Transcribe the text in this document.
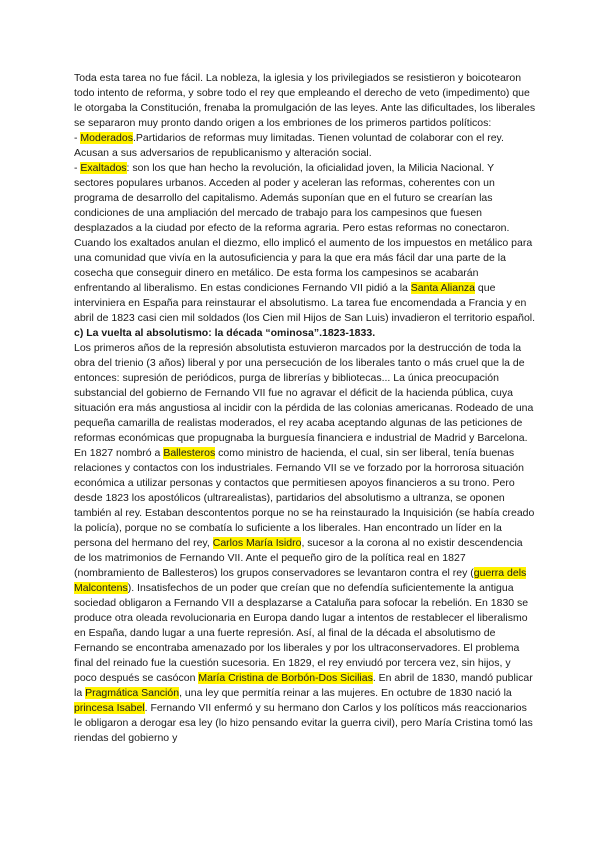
Toda esta tarea no fue fácil. La nobleza, la iglesia y los privilegiados se resistieron y boicotearon todo intento de reforma, y sobre todo el rey que empleando el derecho de veto (impedimento) que le otorgaba la Constitución, frenaba la promulgación de las leyes. Ante las dificultades, los liberales se separaron muy pronto dando origen a los embriones de los primeros partidos políticos:

- Moderados.Partidarios de reformas muy limitadas. Tienen voluntad de colaborar con el rey. Acusan a sus adversarios de republicanismo y alteración social.

- Exaltados: son los que han hecho la revolución, la oficialidad joven, la Milicia Nacional. Y sectores populares urbanos. Acceden al poder y aceleran las reformas, coherentes con un programa de desarrollo del capitalismo. Además suponían que en el futuro se crearían las condiciones de una ampliación del mercado de trabajo para los campesinos que fuesen desplazados a la ciudad por efecto de la reforma agraria. Pero estas reformas no conectaron. Cuando los exaltados anulan el diezmo, ello implicó el aumento de los impuestos en metálico para una comunidad que vivía en la autosuficiencia y para la que era más fácil dar una parte de la cosecha que conseguir dinero en metálico. De esta forma los campesinos se acabarán enfrentando al liberalismo. En estas condiciones Fernando VII pidió a la Santa Alianza que interviniera en España para reinstaurar el absolutismo. La tarea fue encomendada a Francia y en abril de 1823 casi cien mil soldados (los Cien mil Hijos de San Luis) invadieron el territorio español.

c) La vuelta al absolutismo: la década “ominosa”.1823-1833.

Los primeros años de la represión absolutista estuvieron marcados por la destrucción de toda la obra del trienio (3 años) liberal y por una persecución de los liberales tanto o más cruel que la de entonces: supresión de periódicos, purga de librerías y bibliotecas... La única preocupación substancial del gobierno de Fernando VII fue no agravar el déficit de la hacienda pública, cuya situación era más angustiosa al incidir con la pérdida de las colonias americanas. Rodeado de una pequeña camarilla de realistas moderados, el rey acaba aceptando algunas de las peticiones de reformas económicas que propugnaba la burguesía financiera e industrial de Madrid y Barcelona. En 1827 nombró a Ballesteros como ministro de hacienda, el cual, sin ser liberal, tenía buenas relaciones y contactos con los industriales. Fernando VII se ve forzado por la horrorosa situación económica a utilizar personas y contactos que permitiesen apoyos financieros a su trono. Pero desde 1823 los apostólicos (ultrarealistas), partidarios del absolutismo a ultranza, se oponen también al rey. Estaban descontentos porque no se ha reinstaurado la Inquisición (se había creado la policía), porque no se combatía lo suficiente a los liberales. Han encontrado un líder en la persona del hermano del rey, Carlos María Isidro, sucesor a la corona al no existir descendencia de los matrimonios de Fernando VII. Ante el pequeño giro de la política real en 1827 (nombramiento de Ballesteros) los grupos conservadores se levantaron contra el rey (guerra dels Malcontens). Insatisfechos de un poder que creían que no defendía suficientemente la antigua sociedad obligaron a Fernando VII a desplazarse a Cataluña para sofocar la rebelión. En 1830 se produce otra oleada revolucionaria en Europa dando lugar a intentos de restablecer el liberalismo en España, dando lugar a una fuerte represión. Así, al final de la década el absolutismo de Fernando se encontraba amenazado por los liberales y por los ultraconservadores. El problema final del reinado fue la cuestión sucesoria. En 1829, el rey enviudó por tercera vez, sin hijos, y poco después se casócon María Cristina de Borbón-Dos Sicilias. En abril de 1830, mandó publicar la Pragmática Sanción, una ley que permitía reinar a las mujeres. En octubre de 1830 nació la princesa Isabel. Fernando VII enfermó y su hermano don Carlos y los políticos más reaccionarios le obligaron a derogar esa ley (lo hizo pensando evitar la guerra civil), pero María Cristina tomó las riendas del gobierno y
